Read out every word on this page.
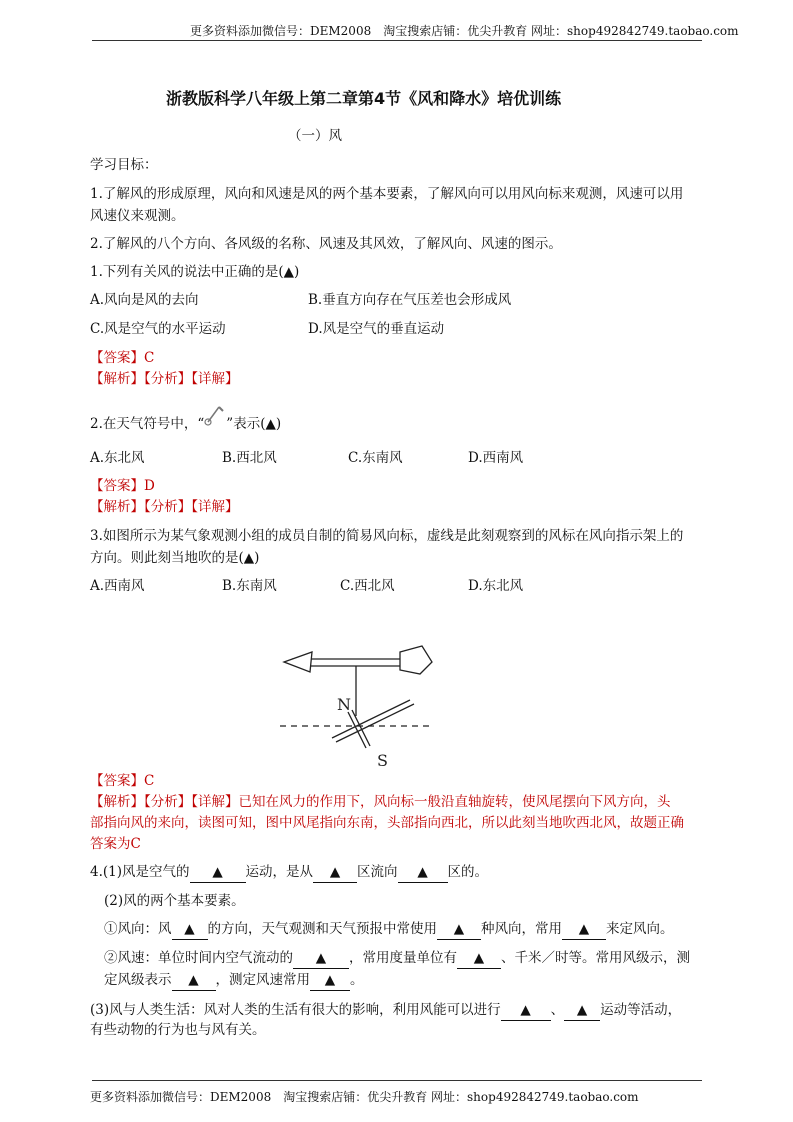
更多资料添加微信号：DEM2008　淘宝搜索店铺：优尖升教育 网址：shop492842749.taobao.com
浙教版科学八年级上第二章第4节《风和降水》培优训练
（一）风
学习目标：
1.了解风的形成原理，风向和风速是风的两个基本要素，了解风向可以用风向标来观测，风速可以用
风速仪来观测。
2.了解风的八个方向、各风级的名称、风速及其风效，了解风向、风速的图示。
1.下列有关风的说法中正确的是(▲)
A.风向是风的去向	B.垂直方向存在气压差也会形成风
C.风是空气的水平运动	D.风是空气的垂直运动
【答案】C
【解析】【分析】【详解】
2.在天气符号中，“ ”表示(▲)
A.东北风	B.西北风	C.东南风	D.西南风
【答案】D
【解析】【分析】【详解】
3.如图所示为某气象观测小组的成员自制的简易风向标，虚线是此刻观察到的风标在风向指示架上的
方向。则此刻当地吹的是(▲)
A.西南风	B.东南风	C.西北风	D.东北风
N
S
【答案】C
【解析】【分析】【详解】已知在风力的作用下，风向标一般沿直轴旋转，使风尾摆向下风方向，头
部指向风的来向，读图可知，图中风尾指向东南，头部指向西北，所以此刻当地吹西北风，故题正确
答案为C
4.(1)风是空气的 ▲ 运动，是从 ▲ 区流向 ▲ 区的。
(2)风的两个基本要素。
①风向：风 ▲ 的方向，天气观测和天气预报中常使用 ▲ 种风向，常用 ▲ 来定风向。
②风速：单位时间内空气流动的 ▲ ，常用度量单位有 ▲ 、千米／时等。常用风级示，测
定风级表示 ▲ ，测定风速常用 ▲ 。
(3)风与人类生活：风对人类的生活有很大的影响，利用风能可以进行 ▲ 、 ▲ 运动等活动，
有些动物的行为也与风有关。
更多资料添加微信号：DEM2008　淘宝搜索店铺：优尖升教育 网址：shop492842749.taobao.com
